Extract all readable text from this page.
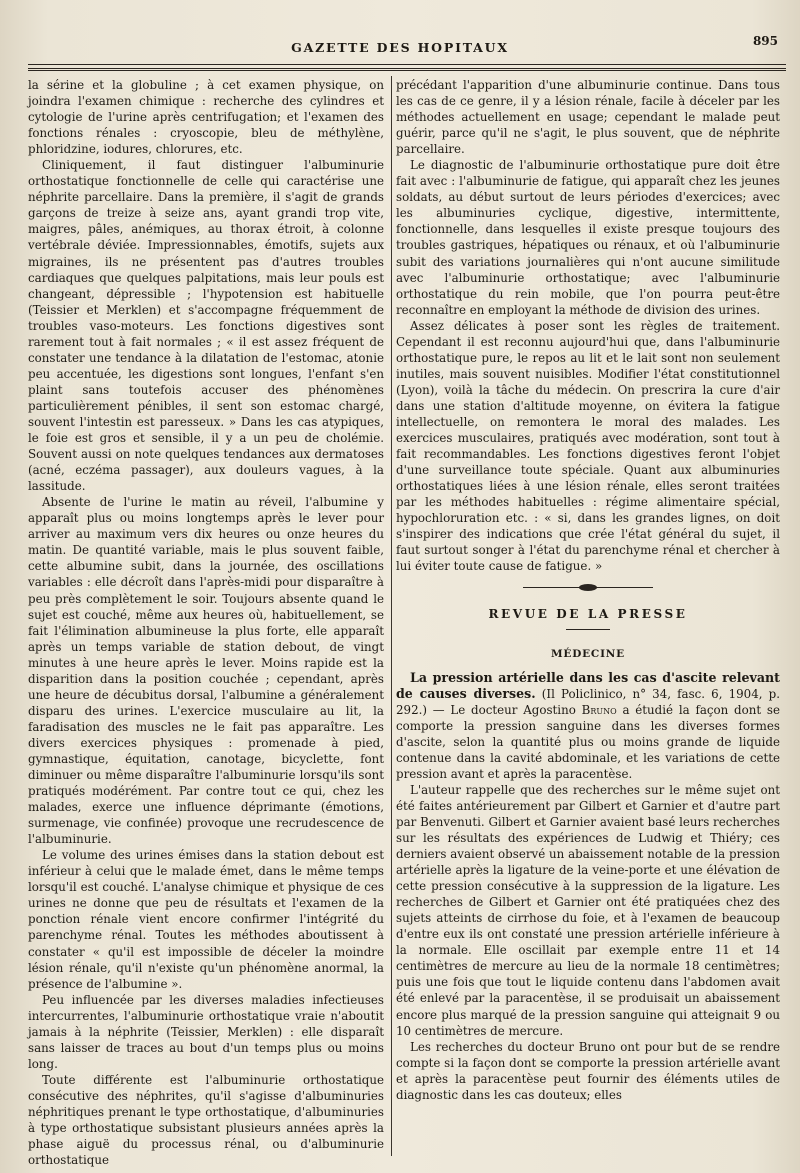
GAZETTE DES HOPITAUX	895

la sérine et la globuline ; à cet examen physique, on joindra l'examen chimique : recherche des cylindres et cytologie de l'urine après centrifugation; et l'examen des fonctions rénales : cryoscopie, bleu de méthylène, phloridzine, iodures, chlorures, etc.

Cliniquement, il faut distinguer l'albuminurie orthostatique fonctionnelle de celle qui caractérise une néphrite parcellaire. Dans la première, il s'agit de grands garçons de treize à seize ans, ayant grandi trop vite, maigres, pâles, anémiques, au thorax étroit, à colonne vertébrale déviée. Impressionnables, émotifs, sujets aux migraines, ils ne présentent pas d'autres troubles cardiaques que quelques palpitations, mais leur pouls est changeant, dépressible ; l'hypotension est habituelle (Teissier et Merklen) et s'accompagne fréquemment de troubles vaso-moteurs. Les fonctions digestives sont rarement tout à fait normales ; « il est assez fréquent de constater une tendance à la dilatation de l'estomac, atonie peu accentuée, les digestions sont longues, l'enfant s'en plaint sans toutefois accuser des phénomènes particulièrement pénibles, il sent son estomac chargé, souvent l'intestin est paresseux. » Dans les cas atypiques, le foie est gros et sensible, il y a un peu de cholémie. Souvent aussi on note quelques tendances aux dermatoses (acné, eczéma passager), aux douleurs vagues, à la lassitude.

Absente de l'urine le matin au réveil, l'albumine y apparaît plus ou moins longtemps après le lever pour arriver au maximum vers dix heures ou onze heures du matin. De quantité variable, mais le plus souvent faible, cette albumine subit, dans la journée, des oscillations variables : elle décroît dans l'après-midi pour disparaître à peu près complètement le soir. Toujours absente quand le sujet est couché, même aux heures où, habituellement, se fait l'élimination albumineuse la plus forte, elle apparaît après un temps variable de station debout, de vingt minutes à une heure après le lever. Moins rapide est la disparition dans la position couchée ; cependant, après une heure de décubitus dorsal, l'albumine a généralement disparu des urines. L'exercice musculaire au lit, la faradisation des muscles ne le fait pas apparaître. Les divers exercices physiques : promenade à pied, gymnastique, équitation, canotage, bicyclette, font diminuer ou même disparaître l'albuminurie lorsqu'ils sont pratiqués modérément. Par contre tout ce qui, chez les malades, exerce une influence déprimante (émotions, surmenage, vie confinée) provoque une recrudescence de l'albuminurie.

Le volume des urines émises dans la station debout est inférieur à celui que le malade émet, dans le même temps lorsqu'il est couché. L'analyse chimique et physique de ces urines ne donne que peu de résultats et l'examen de la ponction rénale vient encore confirmer l'intégrité du parenchyme rénal. Toutes les méthodes aboutissent à constater « qu'il est impossible de déceler la moindre lésion rénale, qu'il n'existe qu'un phénomène anormal, la présence de l'albumine ».

Peu influencée par les diverses maladies infectieuses intercurrentes, l'albuminurie orthostatique vraie n'aboutit jamais à la néphrite (Teissier, Merklen) : elle disparaît sans laisser de traces au bout d'un temps plus ou moins long.

Toute différente est l'albuminurie orthostatique consécutive des néphrites, qu'il s'agisse d'albuminuries néphritiques prenant le type orthostatique, d'albuminuries à type orthostatique subsistant plusieurs années après la phase aiguë du processus rénal, ou d'albuminurie orthostatique

précédant l'apparition d'une albuminurie continue. Dans tous les cas de ce genre, il y a lésion rénale, facile à déceler par les méthodes actuellement en usage; cependant le malade peut guérir, parce qu'il ne s'agit, le plus souvent, que de néphrite parcellaire.

Le diagnostic de l'albuminurie orthostatique pure doit être fait avec : l'albuminurie de fatigue, qui apparaît chez les jeunes soldats, au début surtout de leurs périodes d'exercices; avec les albuminuries cyclique, digestive, intermittente, fonctionnelle, dans lesquelles il existe presque toujours des troubles gastriques, hépatiques ou rénaux, et où l'albuminurie subit des variations journalières qui n'ont aucune similitude avec l'albuminurie orthostatique; avec l'albuminurie orthostatique du rein mobile, que l'on pourra peut-être reconnaître en employant la méthode de division des urines.

Assez délicates à poser sont les règles de traitement. Cependant il est reconnu aujourd'hui que, dans l'albuminurie orthostatique pure, le repos au lit et le lait sont non seulement inutiles, mais souvent nuisibles. Modifier l'état constitutionnel (Lyon), voilà la tâche du médecin. On prescrira la cure d'air dans une station d'altitude moyenne, on évitera la fatigue intellectuelle, on remontera le moral des malades. Les exercices musculaires, pratiqués avec modération, sont tout à fait recommandables. Les fonctions digestives feront l'objet d'une surveillance toute spéciale. Quant aux albuminuries orthostatiques liées à une lésion rénale, elles seront traitées par les méthodes habituelles : régime alimentaire spécial, hypochloruration etc. : « si, dans les grandes lignes, on doit s'inspirer des indications que crée l'état général du sujet, il faut surtout songer à l'état du parenchyme rénal et chercher à lui éviter toute cause de fatigue. »

REVUE DE LA PRESSE
MÉDECINE

La pression artérielle dans les cas d'ascite relevant de causes diverses. (Il Policlinico, n° 34, fasc. 6, 1904, p. 292.) — Le docteur Agostino Bruno a étudié la façon dont se comporte la pression sanguine dans les diverses formes d'ascite, selon la quantité plus ou moins grande de liquide contenue dans la cavité abdominale, et les variations de cette pression avant et après la paracentèse.

L'auteur rappelle que des recherches sur le même sujet ont été faites antérieurement par Gilbert et Garnier et d'autre part par Benvenuti. Gilbert et Garnier avaient basé leurs recherches sur les résultats des expériences de Ludwig et Thiéry; ces derniers avaient observé un abaissement notable de la pression artérielle après la ligature de la veine-porte et une élévation de cette pression consécutive à la suppression de la ligature. Les recherches de Gilbert et Garnier ont été pratiquées chez des sujets atteints de cirrhose du foie, et à l'examen de beaucoup d'entre eux ils ont constaté une pression artérielle inférieure à la normale. Elle oscillait par exemple entre 11 et 14 centimètres de mercure au lieu de la normale 18 centimètres; puis une fois que tout le liquide contenu dans l'abdomen avait été enlevé par la paracentèse, il se produisait un abaissement encore plus marqué de la pression sanguine qui atteignait 9 ou 10 centimètres de mercure.

Les recherches du docteur Bruno ont pour but de se rendre compte si la façon dont se comporte la pression artérielle avant et après la paracentèse peut fournir des éléments utiles de diagnostic dans les cas douteux; elles
